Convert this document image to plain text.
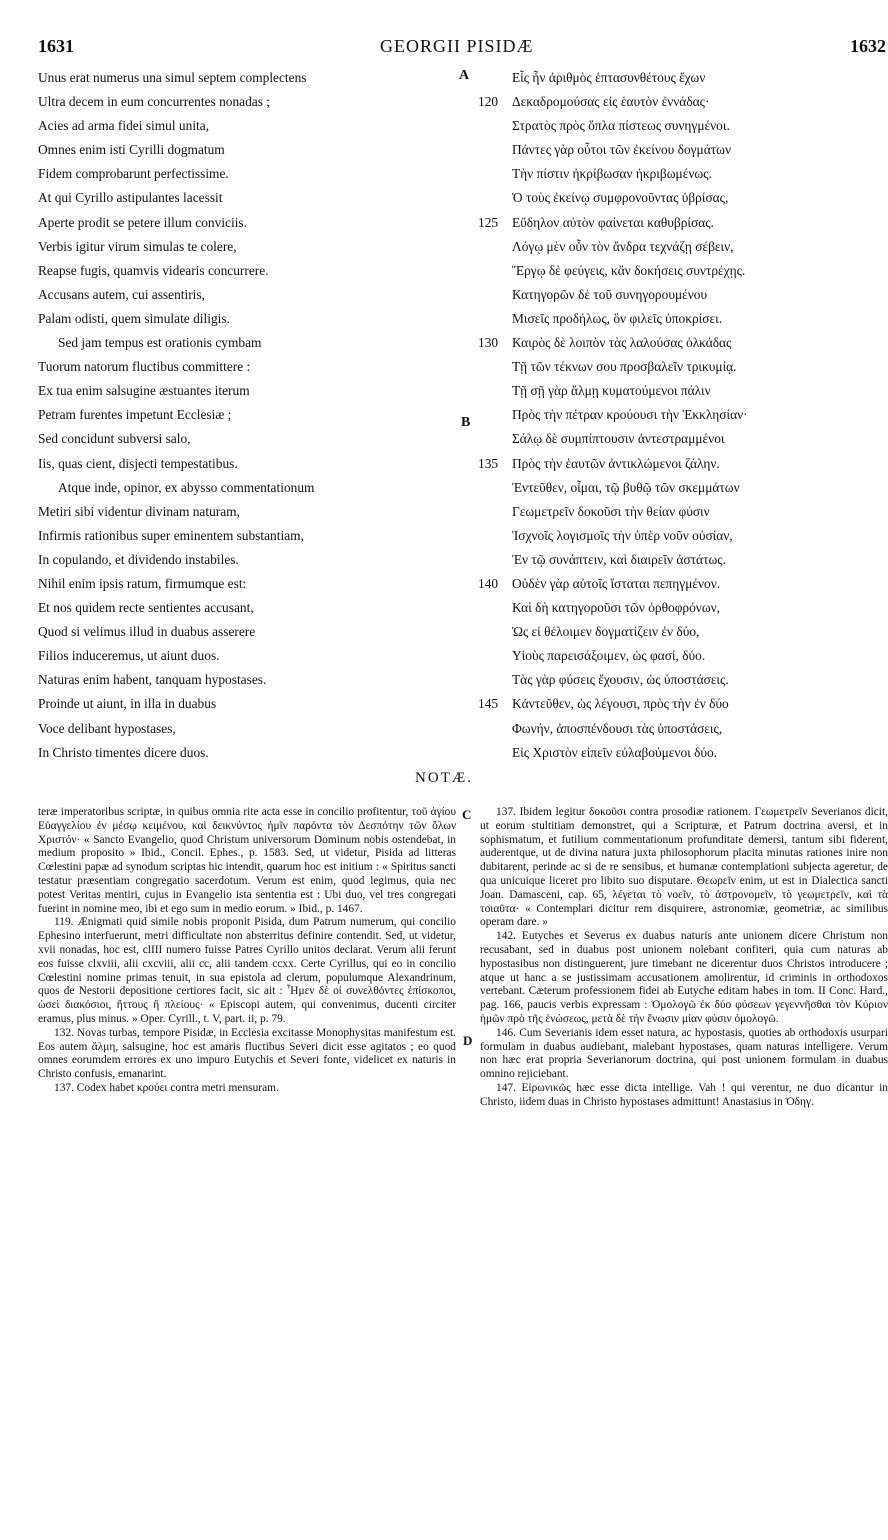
1631	GEORGII PISIDÆ	1632
Unus erat numerus una simul septem complectens
Ultra decem in eum concurrentes nonadas ;
Acies ad arma fidei simul unita,
Omnes enim isti Cyrilli dogmatum
Fidem comprobarunt perfectissime.
At qui Cyrillo astipulantes lacessit
Aperte prodit se petere illum conviciis.
Verbis igitur virum simulas te colere,
Reapse fugis, quamvis videaris concurrere.
Accusans autem, cui assentiris,
Palam odisti, quem simulate diligis.
Sed jam tempus est orationis cymbam
Tuorum natorum fluctibus committere :
Ex tua enim salsugine æstuantes iterum
Petram furentes impetunt Ecclesiæ ;
Sed concidunt subversi salo,
Iis, quas cient, disjecti tempestatibus.
Atque inde, opinor, ex abysso commentationum
Metiri sibi videntur divinam naturam,
Infirmis rationibus super eminentem substantiam,
In copulando, et dividendo instabiles.
Nihil enim ipsis ratum, firmumque est:
Et nos quidem recte sentientes accusant,
Quod si velimus illud in duabus asserere
Filios induceremus, ut aiunt duos.
Naturas enim habent, tanquam hypostases.
Proinde ut aiunt, in illa in duabus
Voce delibant hypostases,
In Christo timentes dicere duos.
Εἷς ἦν ἀριθμὸς ἑπτασυνθέτους ἔχων
120 Δεκαδρομούσας εἰς ἑαυτὸν ἐννάδας·
Στρατὸς πρὸς ὅπλα πίστεως συνηγμένοι.
Πάντες γὰρ οὗτοι τῶν ἐκείνου δογμάτων
Τὴν πίστιν ἠκρίβωσαν ἠκριβωμένως.
Ὁ τοὺς ἐκείνῳ συμφρονοῦντας ὑβρίσας,
125 Εὔδηλον αὐτὸν φαίνεται καθυβρίσας.
Λόγῳ μὲν οὖν τὸν ἄνδρα τεχνάζῃ σέβειν,
Ἔργῳ δὲ φεύγεις, κἂν δοκήσεις συντρέχῃς.
Κατηγορῶν δὲ τοῦ συνηγορουμένου
Μισεῖς προδήλως, ὃν φιλεῖς ὑποκρίσει.
130 Καιρὸς δὲ λοιπὸν τὰς λαλούσας ὁλκάδας
Τῇ τῶν τέκνων σου προσβαλεῖν τρικυμίᾳ.
Τῇ σῇ γὰρ ἅλμῃ κυματούμενοι πάλιν
Πρὸς τὴν πέτραν κρούουσι τὴν Ἐκκλησίαν·
Σάλῳ δὲ συμπίπτουσιν ἀντεστραμμένοι
135 Πρὸς τὴν ἑαυτῶν ἀντικλώμενοι ζάλην.
Ἐντεῦθεν, οἶμαι, τῷ βυθῷ τῶν σκεμμάτων
Γεωμετρεῖν δοκοῦσι τὴν θείαν φύσιν
Ἰσχνοῖς λογισμοῖς τὴν ὑπὲρ νοῦν οὐσίαν,
Ἐν τῷ συνάπτειν, καὶ διαιρεῖν ἀστάτως.
140 Οὐδὲν γὰρ αὐτοῖς ἵσταται πεπηγμένον.
Καὶ δὴ κατηγοροῦσι τῶν ὀρθοφρόνων,
Ὡς εἰ θέλοιμεν δογματίζειν ἐν δύο,
Υἱοὺς παρεισάξοιμεν, ὡς φασί, δύο.
Τὰς γὰρ φύσεις ἔχουσιν, ὡς ὑποστάσεις.
145 Κἀντεῦθεν, ὡς λέγουσι, πρὸς τὴν ἐν δύο
Φωνήν, ἀποσπένδουσι τὰς ὑποστάσεις,
Εἰς Χριστὸν εἰπεῖν εὐλαβούμενοι δύο.
A
B
NOTÆ.

teræ imperatoribus scriptæ, in quibus omnia rite acta esse in concilio profitentur, τοῦ ἁγίου Εὐαγγελίου ἐν μέσῳ κειμένου, καὶ δεικνύντος ἡμῖν παρόντα τὸν Δεσπότην τῶν ὅλων Χριστόν· « Sancto Evangelio, quod Christum universorum Dominum nobis ostendebat, in medium proposito » Ibid., Concil. Ephes., p. 1583. Sed, ut videtur, Pisida ad litteras Cœlestini papæ ad synodum scriptas hic intendit, quarum hoc est initium : « Spiritus sancti testatur præsentiam congregatio sacerdotum. Verum est enim, quod legimus, quia nec potest Veritas mentiri, cujus in Evangelio ista sententia est : Ubi duo, vel tres congregati fuerint in nomine meo, ibi et ego sum in medio eorum. » Ibid., p. 1467.

119. Ænigmati quid simile nobis proponit Pisida, dum Patrum numerum, qui concilio Ephesino interfuerunt, metri difficultate non absterritus definire contendit. Sed, ut videtur, xvii nonadas, hoc est, clIII numero fuisse Patres Cyrillo unitos declarat. Verum alii ferunt eos fuisse clxviii, alii cxcviii, alii cc, alii tandem ccxx. Certe Cyrillus, qui eo in concilio Cœlestini nomine primas tenuit, in sua epistola ad clerum, populumque Alexandrinum, quos de Nestorii depositione certiores facit, sic ait : Ἦμεν δὲ οἱ συνελθόντες ἐπίσκοποι, ὡσεὶ διακόσιοι, ἥττους ἢ πλείους· « Episcopi autem, qui convenimus, ducenti circiter eramus, plus minus. » Oper. Cyrill., t. V, part. ii, p. 79.

132. Novas turbas, tempore Pisidæ, in Ecclesia excitasse Monophysitas manifestum est. Eos autem ἅλμη, salsugine, hoc est amaris fluctibus Severi dicit esse agitatos ; eo quod omnes eorumdem errores ex uno impuro Eutychis et Severi fonte, videlicet ex naturis in Christo confusis, emanarint.

137. Codex habet κρούει contra metri mensuram.

137. Ibidem legitur δοκοῦσι contra prosodiæ rationem. Γεωμετρεῖν Severianos dicit, ut eorum stultitiam demonstret, qui a Scripturæ, et Patrum doctrina aversi, et in sophismatum, et futilium commentationum profunditate demersi, tantum sibi fiderent, auderentque, ut de divina natura juxta philosophorum placita minutas rationes inire non dubitarent, perinde ac si de re sensibus, et humanæ contemplationi subjecta ageretur, de qua unicuique liceret pro libito suo disputare. Θεωρεῖν enim, ut est in Dialectica sancti Joan. Damasceni, cap. 65, λέγεται τὸ νοεῖν, τὸ ἀστρονομεῖν, τὸ γεωμετρεῖν, καὶ τὰ τοιαῦτα· « Contemplari dicitur rem disquirere, astronomiæ, geometriæ, ac similibus operam dare. »

142. Eutyches et Severus ex duabus naturis ante unionem dicere Christum non recusabant, sed in duabus post unionem nolebant confiteri, quia cum naturas ab hypostasibus non distinguerent, jure timebant ne dicerentur duos Christos introducere ; atque ut hanc a se justissimam accusationem amolirentur, id criminis in orthodoxos vertebant. Cæterum professionem fidei ab Eutyche editam habes in tom. II Conc. Hard., pag. 166, paucis verbis expressam : Ὁμολογῶ ἐκ δύο φύσεων γεγεννῆσθαι τὸν Κύριον ἡμῶν πρὸ τῆς ἑνώσεως, μετὰ δὲ τὴν ἕνωσιν μίαν φύσιν ὁμολογῶ.

146. Cum Severianis idem esset natura, ac hypostasis, quoties ab orthodoxis usurpari formulam in duabus audiebant, malebant hypostases, quam naturas intelligere. Verum non hæc erat propria Severianorum doctrina, qui post unionem formulam in duabus omnino rejiciebant.

147. Εἰρωνικῶς hæc esse dicta intellige. Vah ! qui verentur, ne duo dicantur in Christo, iidem duas in Christo hypostases admittunt! Anastasius in Ὁδηγ.

C
D
